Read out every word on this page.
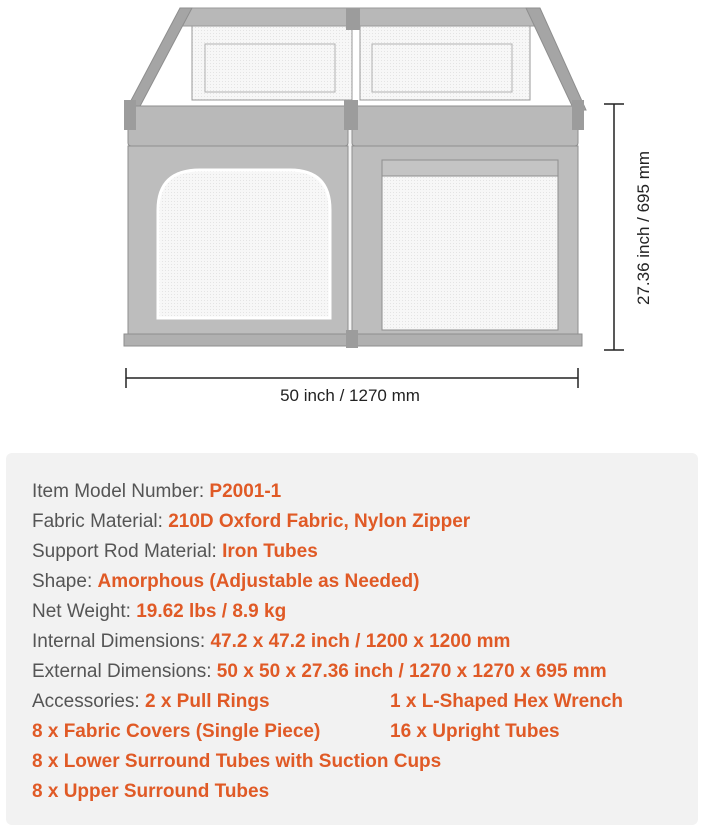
50 inch / 1270 mm
27.36 inch / 695 mm
Item Model Number: P2001-1
Fabric Material: 210D Oxford Fabric, Nylon Zipper
Support Rod Material: Iron Tubes
Shape: Amorphous (Adjustable as Needed)
Net Weight: 19.62 lbs / 8.9 kg
Internal Dimensions: 47.2 x 47.2 inch / 1200 x 1200 mm
External Dimensions: 50 x 50 x 27.36 inch / 1270 x 1270 x 695 mm
Accessories: 2 x Pull Rings	1 x L-Shaped Hex Wrench
8 x Fabric Covers (Single Piece)	16 x Upright Tubes
8 x Lower Surround Tubes with Suction Cups
8 x Upper Surround Tubes
